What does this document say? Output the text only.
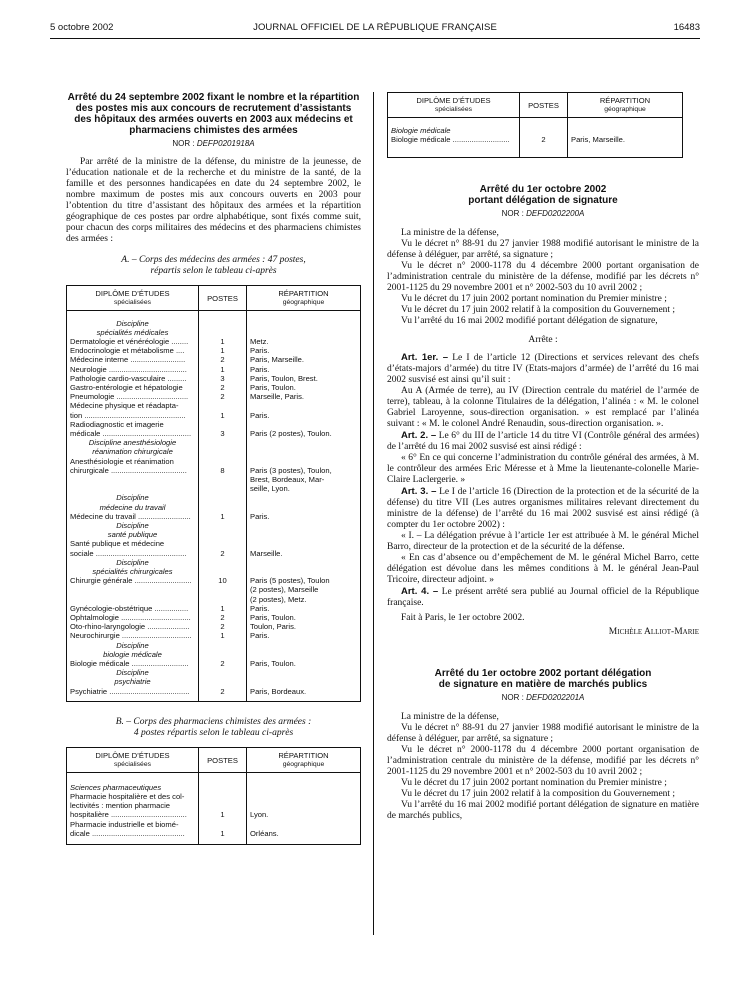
5 octobre 2002	JOURNAL OFFICIEL DE LA RÉPUBLIQUE FRANÇAISE	16483
Arrêté du 24 septembre 2002 fixant le nombre et la répartition des postes mis aux concours de recrutement d’assistants des hôpitaux des armées ouverts en 2003 aux médecins et pharmaciens chimistes des armées
NOR : DEFP0201918A

Par arrêté de la ministre de la défense, du ministre de la jeunesse, de l’éducation nationale et de la recherche et du ministre de la santé, de la famille et des personnes handicapées en date du 24 septembre 2002, le nombre maximum de postes mis aux concours ouverts en 2003 pour l’obtention du titre d’assistant des hôpitaux des armées et la répartition géographique de ces postes par ordre alphabétique, sont fixés comme suit, pour chacun des corps militaires des médecins et des pharmaciens chimistes des armées :

A. – Corps des médecins des armées : 47 postes,

répartis selon le tableau ci-après

DIPLÔME D’ÉTUDES
spécialisées	POSTES	RÉPARTITION
géographique

Discipline		

spécialités médicales		

Dermatologie et vénéréologie ........	1	Metz.
Endocrinologie et métabolisme ....	1	Paris.
Médecine interne ..........................	2	Paris, Marseille.
Neurologie .....................................	1	Paris.
Pathologie cardio-vasculaire .........	3	Paris, Toulon, Brest.
Gastro-entérologie et hépatologie	2	Paris, Toulon.
Pneumologie ..................................	2	Marseille, Paris.
Médecine physique et réadapta-		
tion ................................................	1	Paris.
Radiodiagnostic et imagerie		
médicale ..........................................	3	Paris (2 postes), Toulon.

Discipline anesthésiologie		

réanimation chirurgicale		

Anesthésiologie et réanimation		
chirurgicale ....................................	8	Paris (3 postes), Toulon,
		Brest, Bordeaux, Mar-
		seille, Lyon.

Discipline		

médecine du travail		

Médecine du travail .........................	1	Paris.

Discipline		

santé publique		

Santé publique et médecine		
sociale ...........................................	2	Marseille.

Discipline		

spécialités chirurgicales		

Chirurgie générale ...........................	10	Paris (5 postes), Toulon
		(2 postes), Marseille
		(2 postes), Metz.
Gynécologie-obstétrique ................	1	Paris.
Ophtalmologie .................................	2	Paris, Toulon.
Oto-rhino-laryngologie ....................	2	Toulon, Paris.
Neurochirurgie .................................	1	Paris.

Discipline		

biologie médicale		

Biologie médicale ...........................	2	Paris, Toulon.

Discipline		

psychiatrie		

Psychiatrie ......................................	2	Paris, Bordeaux.

B. – Corps des pharmaciens chimistes des armées :

4 postes répartis selon le tableau ci-après

DIPLÔME D’ÉTUDES
spécialisées	POSTES	RÉPARTITION
géographique

Sciences pharmaceutiques		

Pharmacie hospitalière et des col-		
lectivités : mention pharmacie		
hospitalière ....................................	1	Lyon.
Pharmacie industrielle et biomé-		
dicale ............................................	1	Orléans.

DIPLÔME D’ÉTUDES
spécialisées	POSTES	RÉPARTITION
géographique

Biologie médicale		

Biologie médicale ...........................	2	Paris, Marseille.

Arrêté du 1er octobre 2002
portant délégation de signature
NOR : DEFD0202200A

La ministre de la défense,

Vu le décret n° 88-91 du 27 janvier 1988 modifié autorisant le ministre de la défense à déléguer, par arrêté, sa signature ;

Vu le décret n° 2000-1178 du 4 décembre 2000 portant organisation de l’administration centrale du ministère de la défense, modifié par les décrets n° 2001-1125 du 29 novembre 2001 et n° 2002-503 du 10 avril 2002 ;

Vu le décret du 17 juin 2002 portant nomination du Premier ministre ;

Vu le décret du 17 juin 2002 relatif à la composition du Gouvernement ;

Vu l’arrêté du 16 mai 2002 modifié portant délégation de signature,

Arrête :

Art. 1er. – Le I de l’article 12 (Directions et services relevant des chefs d’états-majors d’armée) du titre IV (Etats-majors d’armée) de l’arrêté du 16 mai 2002 susvisé est ainsi qu’il suit :

Au A (Armée de terre), au IV (Direction centrale du matériel de l’armée de terre), tableau, à la colonne Titulaires de la délégation, l’alinéa : « M. le colonel Gabriel Laroyenne, sous-direction organisation. » est remplacé par l’alinéa suivant : « M. le colonel André Renaudin, sous-direction organisation. ».

Art. 2. – Le 6° du III de l’article 14 du titre VI (Contrôle général des armées) de l’arrêté du 16 mai 2002 susvisé est ainsi rédigé :

« 6° En ce qui concerne l’administration du contrôle général des armées, à M. le contrôleur des armées Eric Méresse et à Mme la lieutenante-colonelle Marie-Claire Laclergerie. »

Art. 3. – Le I de l’article 16 (Direction de la protection et de la sécurité de la défense) du titre VII (Les autres organismes militaires relevant directement du ministre de la défense) de l’arrêté du 16 mai 2002 susvisé est ainsi rédigé (à compter du 1er octobre 2002) :

« I. – La délégation prévue à l’article 1er est attribuée à M. le général Michel Barro, directeur de la protection et de la sécurité de la défense.

« En cas d’absence ou d’empêchement de M. le général Michel Barro, cette délégation est dévolue dans les mêmes conditions à M. le général Jean-Paul Tricoire, directeur adjoint. »

Art. 4. – Le présent arrêté sera publié au Journal officiel de la République française.

Fait à Paris, le 1er octobre 2002.

Michèle Alliot-Marie

Arrêté du 1er octobre 2002 portant délégation
de signature en matière de marchés publics
NOR : DEFD0202201A

La ministre de la défense,

Vu le décret n° 88-91 du 27 janvier 1988 modifié autorisant le ministre de la défense à déléguer, par arrêté, sa signature ;

Vu le décret n° 2000-1178 du 4 décembre 2000 portant organisation de l’administration centrale du ministère de la défense, modifié par les décrets n° 2001-1125 du 29 novembre 2001 et n° 2002-503 du 10 avril 2002 ;

Vu le décret du 17 juin 2002 portant nomination du Premier ministre ;

Vu le décret du 17 juin 2002 relatif à la composition du Gouvernement ;

Vu l’arrêté du 16 mai 2002 modifié portant délégation de signature en matière de marchés publics,
